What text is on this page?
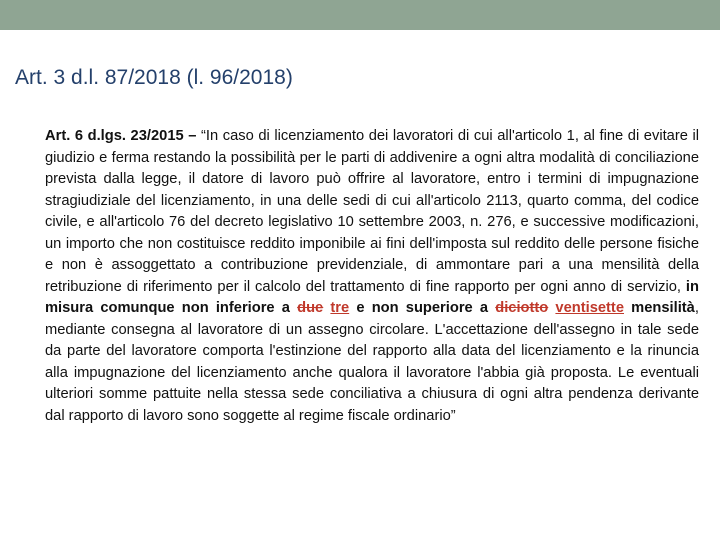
Art. 3 d.l. 87/2018 (l. 96/2018)
Art. 6 d.lgs. 23/2015 – “In caso di licenziamento dei lavoratori di cui all'articolo 1, al fine di evitare il giudizio e ferma restando la possibilità per le parti di addivenire a ogni altra modalità di conciliazione prevista dalla legge, il datore di lavoro può offrire al lavoratore, entro i termini di impugnazione stragiudiziale del licenziamento, in una delle sedi di cui all'articolo 2113, quarto comma, del codice civile, e all'articolo 76 del decreto legislativo 10 settembre 2003, n. 276, e successive modificazioni, un importo che non costituisce reddito imponibile ai fini dell'imposta sul reddito delle persone fisiche e non è assoggettato a contribuzione previdenziale, di ammontare pari a una mensilità della retribuzione di riferimento per il calcolo del trattamento di fine rapporto per ogni anno di servizio, in misura comunque non inferiore a due tre e non superiore a diciotto ventisette mensilità, mediante consegna al lavoratore di un assegno circolare. L'accettazione dell'assegno in tale sede da parte del lavoratore comporta l'estinzione del rapporto alla data del licenziamento e la rinuncia alla impugnazione del licenziamento anche qualora il lavoratore l'abbia già proposta. Le eventuali ulteriori somme pattuite nella stessa sede conciliativa a chiusura di ogni altra pendenza derivante dal rapporto di lavoro sono soggette al regime fiscale ordinario”
